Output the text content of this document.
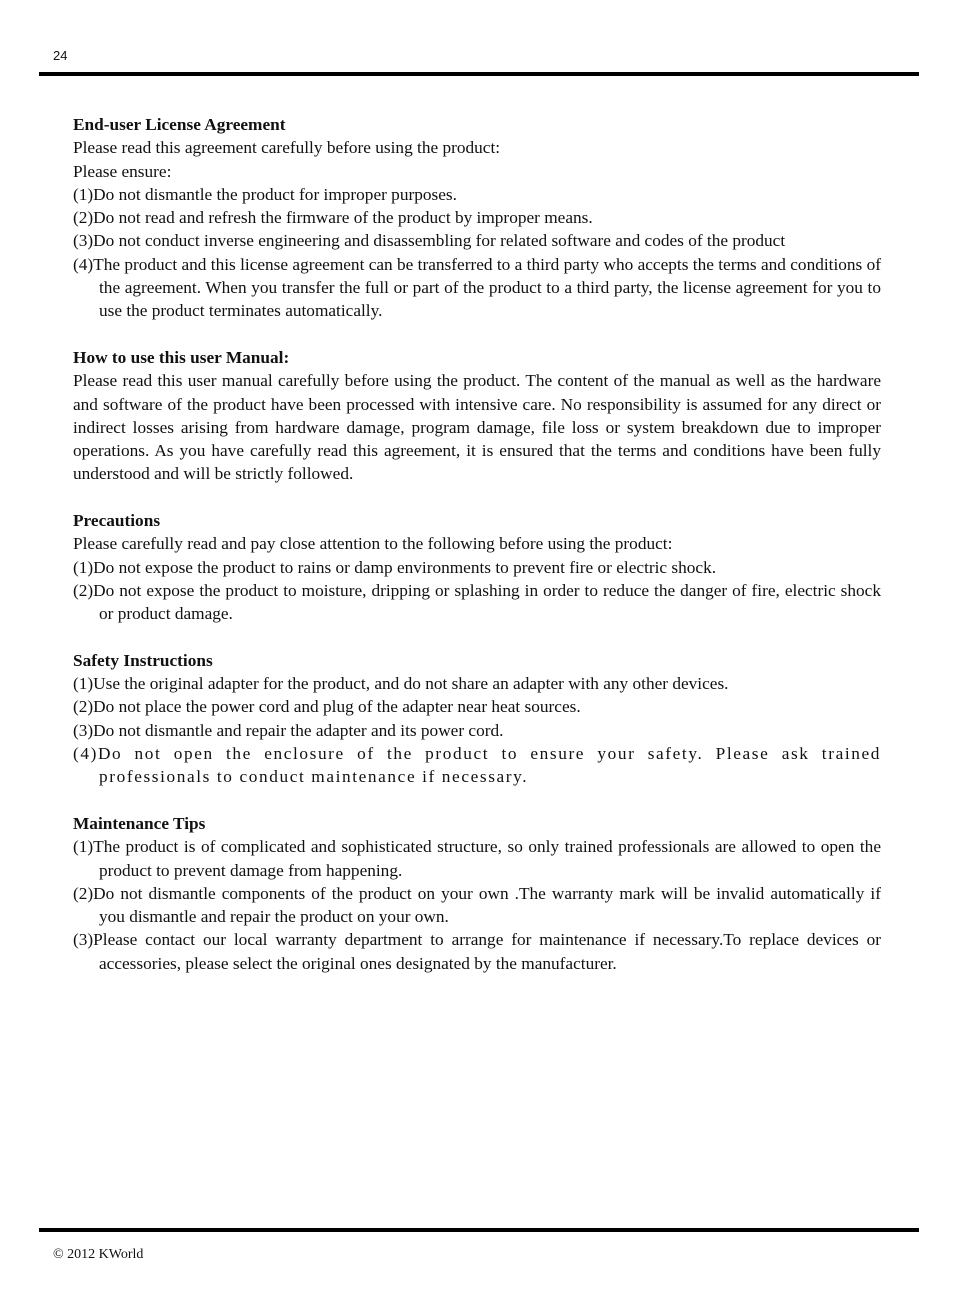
24
End-user License Agreement
Please read this agreement carefully before using the product:
Please ensure:
(1)Do not dismantle the product for improper purposes.
(2)Do not read and refresh the firmware of the product by improper means.
(3)Do not conduct inverse engineering and disassembling for related software and codes of the product
(4)The product and this license agreement can be transferred to a third party who accepts the terms and conditions of the agreement. When you transfer the full or part of the product to a third party, the license agreement for you to use the product terminates automatically.
How to use this user Manual:
Please read this user manual carefully before using the product. The content of the manual as well as the hardware and software of the product have been processed with intensive care. No responsibility is assumed for any direct or indirect losses arising from hardware damage, program damage, file loss or system breakdown due to improper operations. As you have carefully read this agreement, it is ensured that the terms and conditions have been fully understood and will be strictly followed.
Precautions
Please carefully read and pay close attention to the following before using the product:
(1)Do not expose the product to rains or damp environments to prevent fire or electric shock.
(2)Do not expose the product to moisture, dripping or splashing in order to reduce the danger of fire, electric shock or product damage.
Safety Instructions
(1)Use the original adapter for the product, and do not share an adapter with any other devices.
(2)Do not place the power cord and plug of the adapter near heat sources.
(3)Do not dismantle and repair the adapter and its power cord.
(4)Do not open the enclosure of the product to ensure your safety. Please ask trained professionals to conduct maintenance if necessary.
Maintenance Tips
(1)The product is of complicated and sophisticated structure, so only trained professionals are allowed to open the product to prevent damage from happening.
(2)Do not dismantle components of the product on your own .The warranty mark will be invalid automatically if you dismantle and repair the product on your own.
(3)Please contact our local warranty department to arrange for maintenance if necessary.To replace devices or accessories, please select the original ones designated by the manufacturer.
© 2012 KWorld
